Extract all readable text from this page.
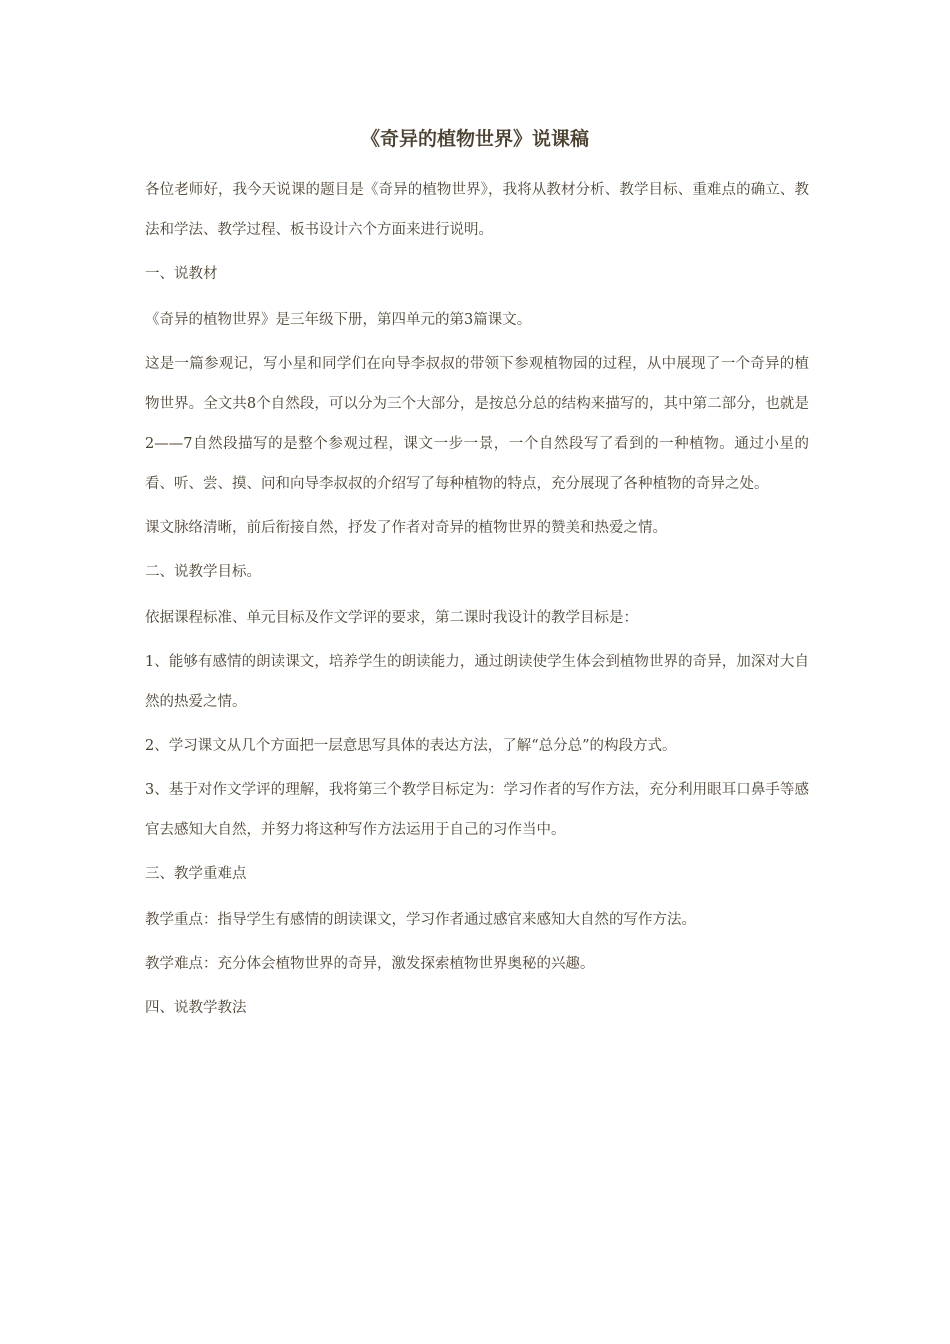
《奇异的植物世界》说课稿

各位老师好，我今天说课的题目是《奇异的植物世界》，我将从教材分析、教学目标、重难点的确立、教法和学法、教学过程、板书设计六个方面来进行说明。

一、说教材

《奇异的植物世界》是三年级下册，第四单元的第3篇课文。

这是一篇参观记，写小星和同学们在向导李叔叔的带领下参观植物园的过程，从中展现了一个奇异的植物世界。全文共8个自然段，可以分为三个大部分，是按总分总的结构来描写的，其中第二部分，也就是2——7自然段描写的是整个参观过程，课文一步一景，一个自然段写了看到的一种植物。通过小星的看、听、尝、摸、问和向导李叔叔的介绍写了每种植物的特点，充分展现了各种植物的奇异之处。

课文脉络清晰，前后衔接自然，抒发了作者对奇异的植物世界的赞美和热爱之情。

二、说教学目标。

依据课程标准、单元目标及作文学评的要求，第二课时我设计的教学目标是：

1、能够有感情的朗读课文，培养学生的朗读能力，通过朗读使学生体会到植物世界的奇异，加深对大自然的热爱之情。

2、学习课文从几个方面把一层意思写具体的表达方法，了解“总分总”的构段方式。

3、基于对作文学评的理解，我将第三个教学目标定为：学习作者的写作方法，充分利用眼耳口鼻手等感官去感知大自然，并努力将这种写作方法运用于自己的习作当中。

三、教学重难点

教学重点：指导学生有感情的朗读课文，学习作者通过感官来感知大自然的写作方法。

教学难点：充分体会植物世界的奇异，激发探索植物世界奥秘的兴趣。

四、说教学教法
